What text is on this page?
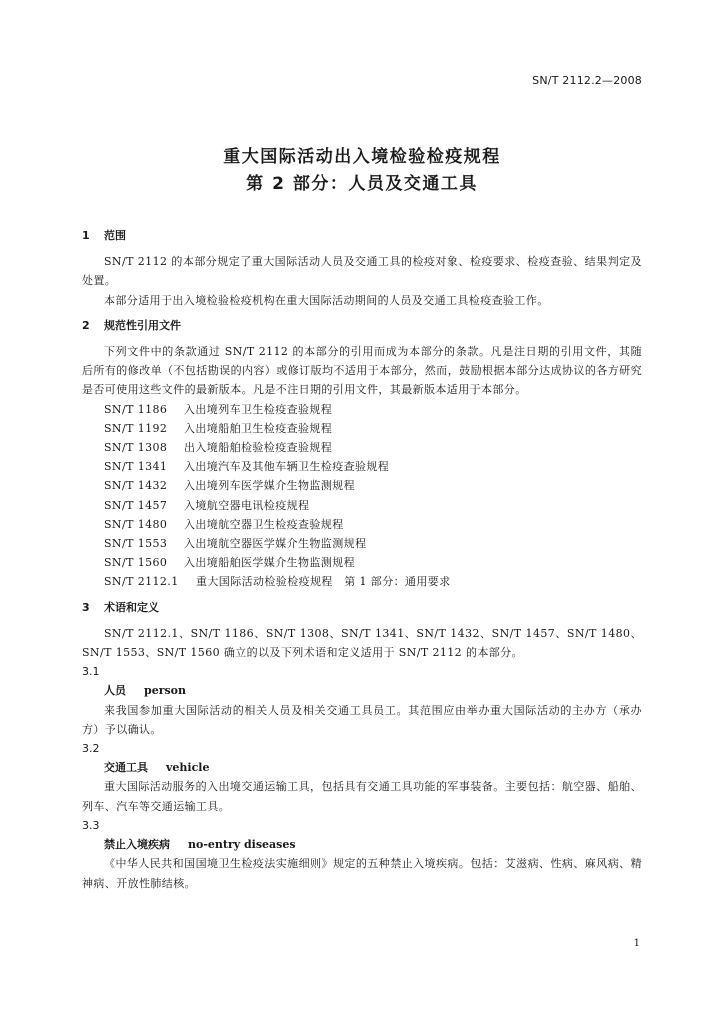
SN/T 2112.2—2008
重大国际活动出入境检验检疫规程
第 2 部分：人员及交通工具
1 范围

SN/T 2112 的本部分规定了重大国际活动人员及交通工具的检疫对象、检疫要求、检疫查验、结果判定及处置。

本部分适用于出入境检验检疫机构在重大国际活动期间的人员及交通工具检疫查验工作。

2 规范性引用文件

下列文件中的条款通过 SN/T 2112 的本部分的引用而成为本部分的条款。凡是注日期的引用文件，其随后所有的修改单（不包括勘误的内容）或修订版均不适用于本部分，然而，鼓励根据本部分达成协议的各方研究是否可使用这些文件的最新版本。凡是不注日期的引用文件，其最新版本适用于本部分。

SN/T 1186 入出境列车卫生检疫查验规程
SN/T 1192 入出境船舶卫生检疫查验规程
SN/T 1308 出入境船舶检验检疫查验规程
SN/T 1341 入出境汽车及其他车辆卫生检疫查验规程
SN/T 1432 入出境列车医学媒介生物监测规程
SN/T 1457 入境航空器电讯检疫规程
SN/T 1480 入出境航空器卫生检疫查验规程
SN/T 1553 入出境航空器医学媒介生物监测规程
SN/T 1560 入出境船舶医学媒介生物监测规程
SN/T 2112.1 重大国际活动检验检疫规程　第 1 部分：通用要求
3 术语和定义

SN/T 2112.1、SN/T 1186、SN/T 1308、SN/T 1341、SN/T 1432、SN/T 1457、SN/T 1480、SN/T 1553、SN/T 1560 确立的以及下列术语和定义适用于 SN/T 2112 的本部分。

3.1
人员 person

来我国参加重大国际活动的相关人员及相关交通工具员工。其范围应由举办重大国际活动的主办方（承办方）予以确认。

3.2
交通工具 vehicle

重大国际活动服务的入出境交通运输工具，包括具有交通工具功能的军事装备。主要包括：航空器、船舶、列车、汽车等交通运输工具。

3.3
禁止入境疾病 no-entry diseases

《中华人民共和国国境卫生检疫法实施细则》规定的五种禁止入境疾病。包括：艾滋病、性病、麻风病、精神病、开放性肺结核。

1
